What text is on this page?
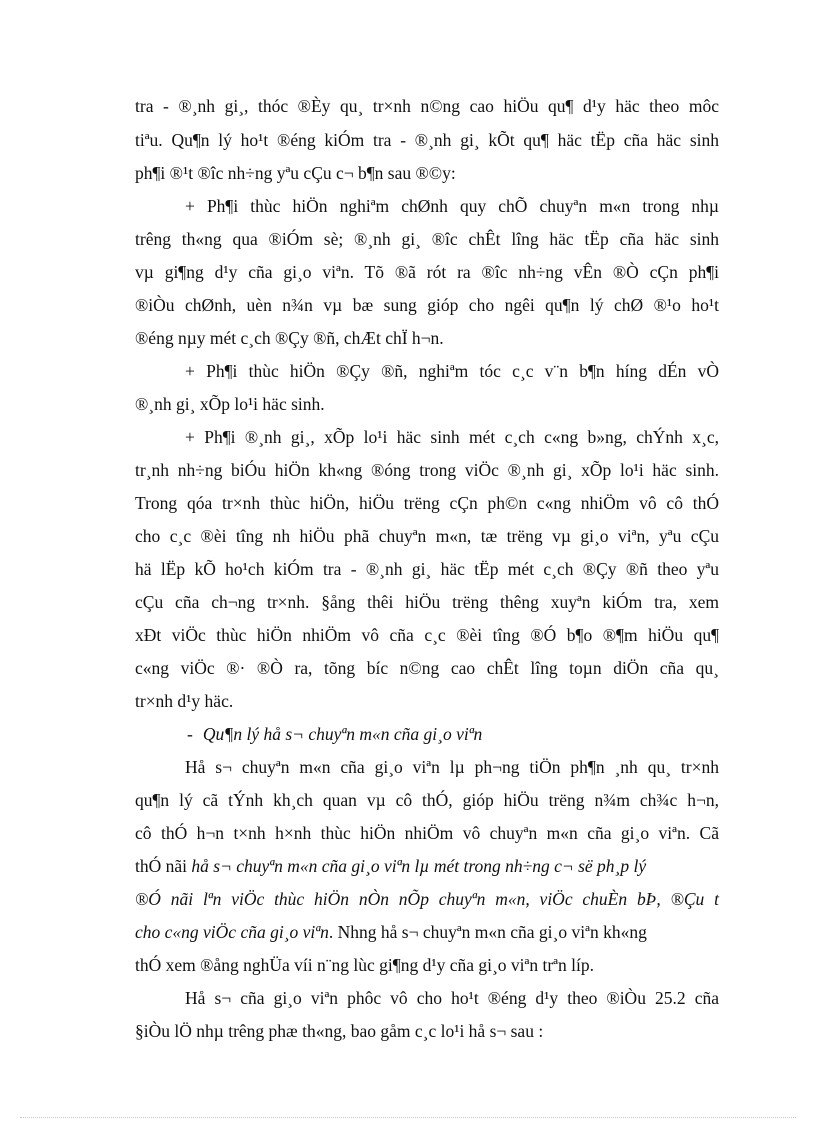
tra - ®¸nh gi¸, thóc ®Èy qu¸ tr×nh n©ng cao hiÖu qu¶ d¹y häc theo môc
tiªu. Qu¶n lý ho¹t ®éng kiÓm tra - ®¸nh gi¸ kÕt qu¶ häc tËp cña häc sinh
ph¶i ®¹t ®îc nh÷ng yªu cÇu c¬ b¶n sau ®©y:
+ Ph¶i thùc hiÖn nghiªm chØnh quy chÕ chuyªn m«n trong nhµ
trêng th«ng qua ®iÓm sè; ®¸nh gi¸ ®îc chÊt lîng häc tËp cña häc sinh
vµ gi¶ng d¹y cña gi¸o viªn. Tõ ®ã rót ra ®îc nh÷ng vÊn ®Ò cÇn ph¶i
®iÒu chØnh, uèn n¾n vµ bæ sung gióp cho ngêi qu¶n lý chØ ®¹o ho¹t
®éng nµy mét c¸ch ®Çy ®ñ, chÆt chÏ h¬n.
+ Ph¶i thùc hiÖn ®Çy ®ñ, nghiªm tóc c¸c v¨n b¶n híng dÉn vÒ
®¸nh gi¸ xÕp lo¹i häc sinh.
+ Ph¶i ®¸nh gi¸, xÕp lo¹i häc sinh mét c¸ch c«ng b»ng, chÝnh x¸c,
tr¸nh nh÷ng biÓu hiÖn kh«ng ®óng trong viÖc ®¸nh gi¸ xÕp lo¹i häc sinh.
Trong qóa tr×nh thùc hiÖn, hiÖu trëng cÇn ph©n c«ng nhiÖm vô cô thÓ
cho c¸c ®èi tîng nh hiÖu phã chuyªn m«n, tæ trëng vµ gi¸o viªn, yªu cÇu
hä lËp kÕ ho¹ch kiÓm tra - ®¸nh gi¸ häc tËp mét c¸ch ®Çy ®ñ theo yªu
cÇu cña ch¬ng tr×nh. §ång thêi hiÖu trëng thêng xuyªn kiÓm tra, xem
xÐt viÖc thùc hiÖn nhiÖm vô cña c¸c ®èi tîng ®Ó b¶o ®¶m hiÖu qu¶
c«ng viÖc ®· ®Ò ra, tõng bíc n©ng cao chÊt lîng toµn diÖn cña qu¸
tr×nh d¹y häc.
- Qu¶n lý hå s¬ chuyªn m«n cña gi¸o viªn
Hå s¬ chuyªn m«n cña gi¸o viªn lµ ph¬ng tiÖn ph¶n ¸nh qu¸ tr×nh
qu¶n lý cã tÝnh kh¸ch quan vµ cô thÓ, gióp hiÖu trëng n¾m ch¾c h¬n,
cô thÓ h¬n t×nh h×nh thùc hiÖn nhiÖm vô chuyªn m«n cña gi¸o viªn. Cã
thÓ nãi hå s¬ chuyªn m«n cña gi¸o viªn lµ mét trong nh÷ng c¬ së ph¸p lý
®Ó nãi lªn viÖc thùc hiÖn nÒn nÕp chuyªn m«n, viÖc chuÈn bÞ, ®Çu t
cho c«ng viÖc cña gi¸o viªn. Nhng hå s¬ chuyªn m«n cña gi¸o viªn kh«ng
thÓ xem ®ång nghÜa víi n¨ng lùc gi¶ng d¹y cña gi¸o viªn trªn líp.
Hå s¬ cña gi¸o viªn phôc vô cho ho¹t ®éng d¹y theo ®iÒu 25.2 cña
§iÒu lÖ nhµ trêng phæ th«ng, bao gåm c¸c lo¹i hå s¬ sau :
